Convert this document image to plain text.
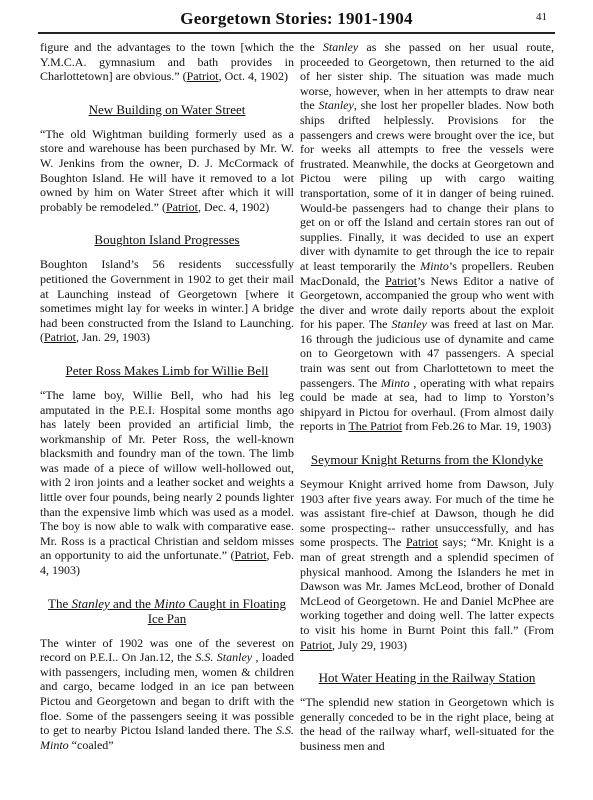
Georgetown Stories: 1901-1904	41

figure and the advantages to the town [which the Y.M.C.A. gymnasium and bath provides in Charlottetown] are obvious.” (Patriot, Oct. 4, 1902)

New Building on Water Street

“The old Wightman building formerly used as a store and warehouse has been purchased by Mr. W. W. Jenkins from the owner, D. J. McCormack of Boughton Island. He will have it removed to a lot owned by him on Water Street after which it will probably be remodeled.” (Patriot, Dec. 4, 1902)

Boughton Island Progresses

Boughton Island’s 56 residents successfully petitioned the Government in 1902 to get their mail at Launching instead of Georgetown [where it sometimes might lay for weeks in winter.] A bridge had been constructed from the Island to Launching. (Patriot, Jan. 29, 1903)

Peter Ross Makes Limb for Willie Bell

“The lame boy, Willie Bell, who had his leg amputated in the P.E.I. Hospital some months ago has lately been provided an artificial limb, the workmanship of Mr. Peter Ross, the well-known blacksmith and foundry man of the town. The limb was made of a piece of willow well-hollowed out, with 2 iron joints and a leather socket and weights a little over four pounds, being nearly 2 pounds lighter than the expensive limb which was used as a model. The boy is now able to walk with comparative ease. Mr. Ross is a practical Christian and seldom misses an opportunity to aid the unfortunate.” (Patriot, Feb. 4, 1903)

The Stanley and the Minto Caught in Floating Ice Pan

The winter of 1902 was one of the severest on record on P.E.I.. On Jan.12, the S.S. Stanley , loaded with passengers, including men, women & children and cargo, became lodged in an ice pan between Pictou and Georgetown and began to drift with the floe. Some of the passengers seeing it was possible to get to nearby Pictou Island landed there. The S.S. Minto “coaled”

the Stanley as she passed on her usual route, proceeded to Georgetown, then returned to the aid of her sister ship. The situation was made much worse, however, when in her attempts to draw near the Stanley, she lost her propeller blades. Now both ships drifted helplessly. Provisions for the passengers and crews were brought over the ice, but for weeks all attempts to free the vessels were frustrated. Meanwhile, the docks at Georgetown and Pictou were piling up with cargo waiting transportation, some of it in danger of being ruined. Would-be passengers had to change their plans to get on or off the Island and certain stores ran out of supplies. Finally, it was decided to use an expert diver with dynamite to get through the ice to repair at least temporarily the Minto’s propellers. Reuben MacDonald, the Patriot’s News Editor a native of Georgetown, accompanied the group who went with the diver and wrote daily reports about the exploit for his paper. The Stanley was freed at last on Mar. 16 through the judicious use of dynamite and came on to Georgetown with 47 passengers. A special train was sent out from Charlottetown to meet the passengers. The Minto , operating with what repairs could be made at sea, had to limp to Yorston’s shipyard in Pictou for overhaul. (From almost daily reports in The Patriot from Feb.26 to Mar. 19, 1903)

Seymour Knight Returns from the Klondyke

Seymour Knight arrived home from Dawson, July 1903 after five years away. For much of the time he was assistant fire-chief at Dawson, though he did some prospecting-- rather unsuccessfully, and has some prospects. The Patriot says; “Mr. Knight is a man of great strength and a splendid specimen of physical manhood. Among the Islanders he met in Dawson was Mr. James McLeod, brother of Donald McLeod of Georgetown. He and Daniel McPhee are working together and doing well. The latter expects to visit his home in Burnt Point this fall.” (From Patriot, July 29, 1903)

Hot Water Heating in the Railway Station

“The splendid new station in Georgetown which is generally conceded to be in the right place, being at the head of the railway wharf, well-situated for the business men and
